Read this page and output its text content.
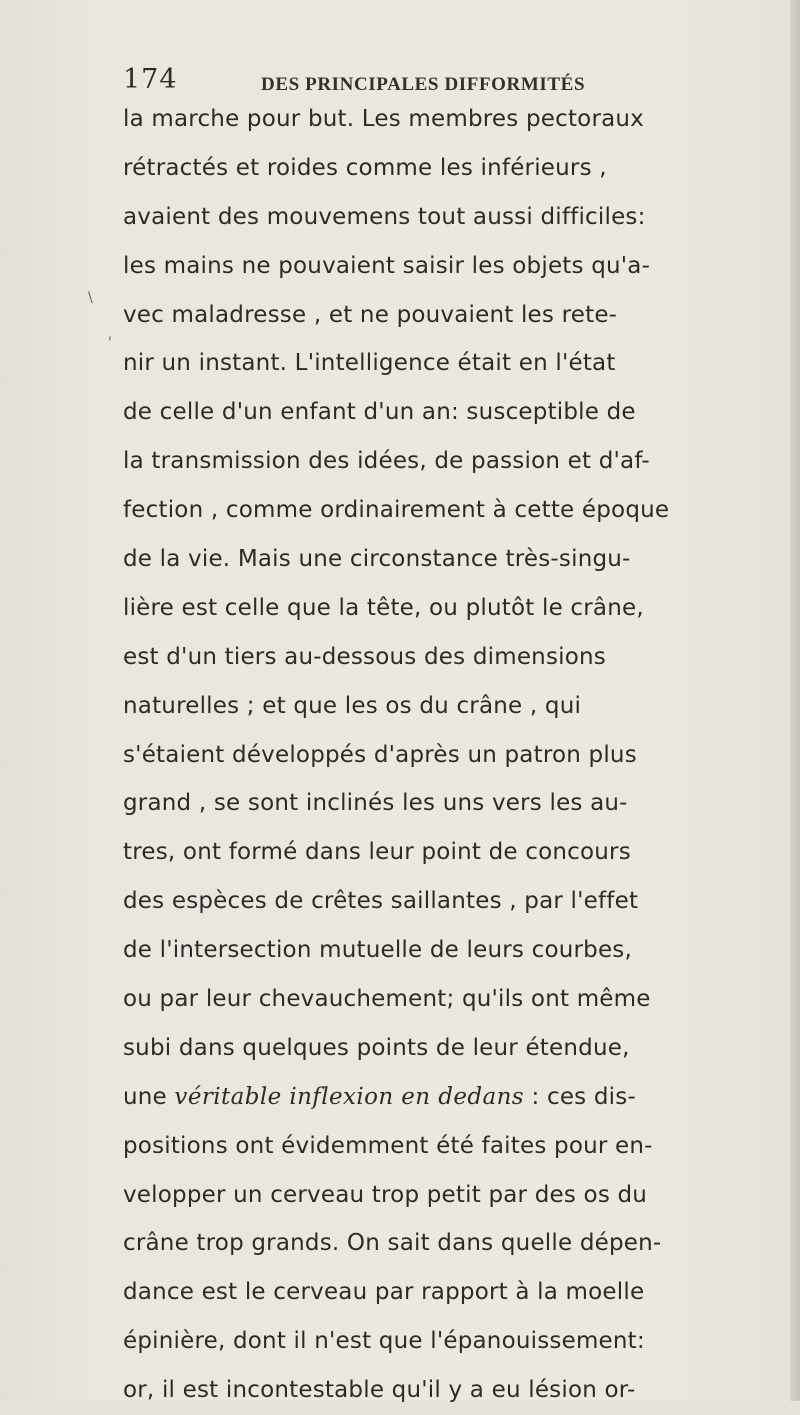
174	DES PRINCIPALES DIFFORMITÉS
\
'
la marche pour but. Les membres pectoraux
rétractés et roides comme les inférieurs ,
avaient des mouvemens tout aussi difficiles:
les mains ne pouvaient saisir les objets qu'a-
vec maladresse , et ne pouvaient les rete-
nir un instant. L'intelligence était en l'état
de celle d'un enfant d'un an: susceptible de
la transmission des idées, de passion et d'af-
fection , comme ordinairement à cette époque
de la vie. Mais une circonstance très-singu-
lière est celle que la tête, ou plutôt le crâne,
est d'un tiers au-dessous des dimensions
naturelles ; et que les os du crâne , qui
s'étaient développés d'après un patron plus
grand , se sont inclinés les uns vers les au-
tres, ont formé dans leur point de concours
des espèces de crêtes saillantes , par l'effet
de l'intersection mutuelle de leurs courbes,
ou par leur chevauchement; qu'ils ont même
subi dans quelques points de leur étendue,
une véritable inflexion en dedans : ces dis-
positions ont évidemment été faites pour en-
velopper un cerveau trop petit par des os du
crâne trop grands. On sait dans quelle dépen-
dance est le cerveau par rapport à la moelle
épinière, dont il n'est que l'épanouissement:
or, il est incontestable qu'il y a eu lésion or-
